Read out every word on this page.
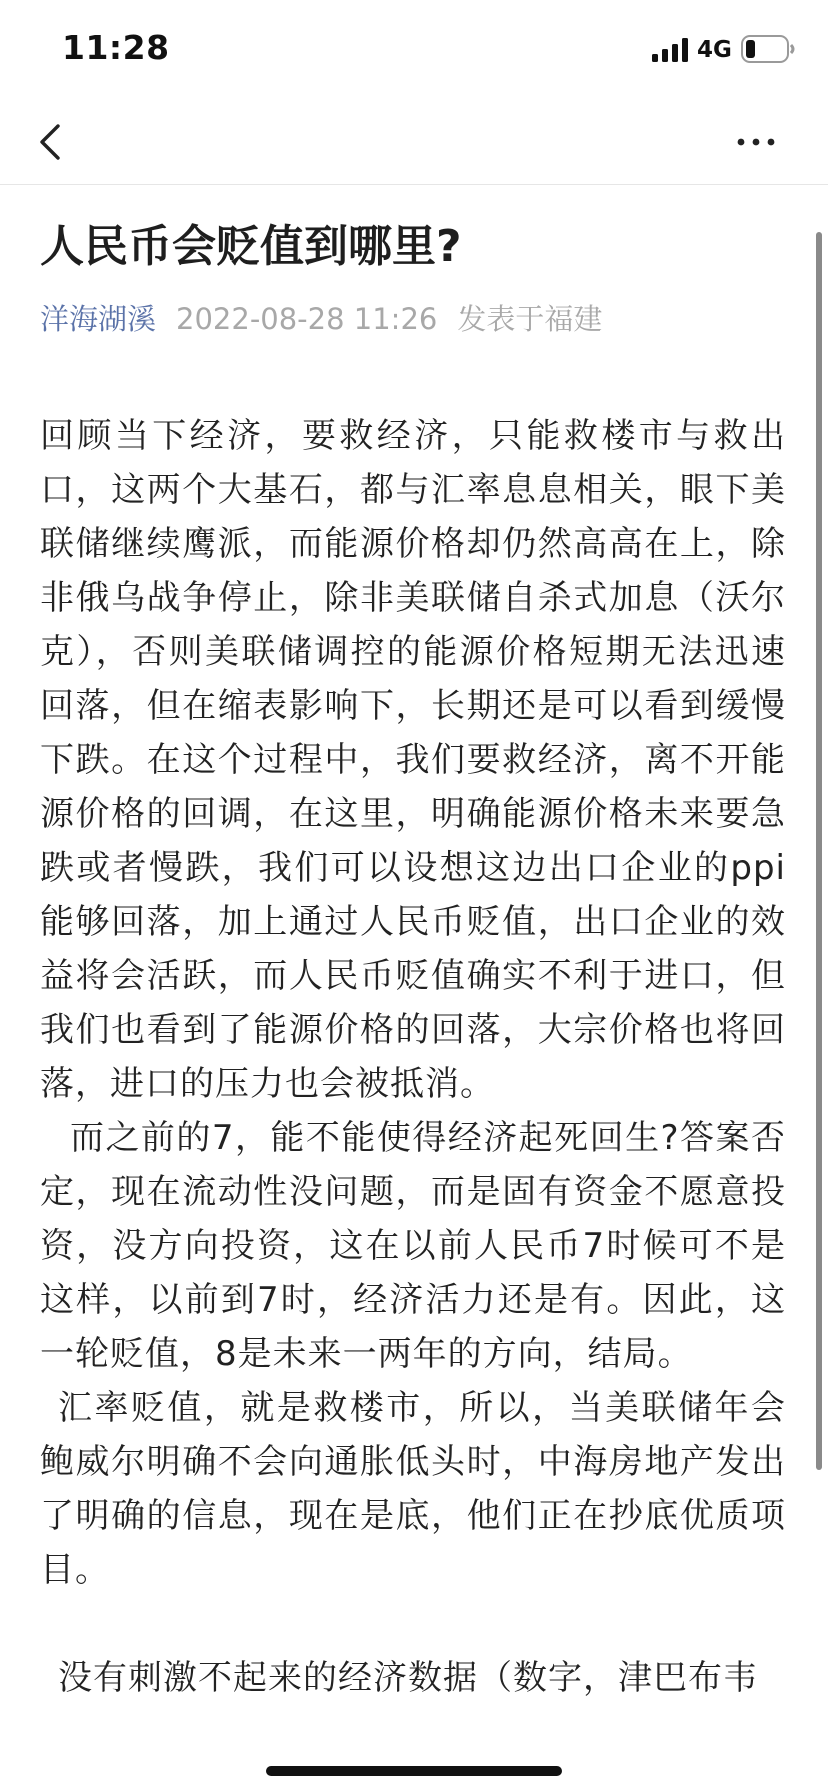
11:28	4G
人民币会贬值到哪里?
洋海湖溪 2022-08-28 11:26 发表于福建

回顾当下经济，要救经济，只能救楼市与救出口，这两个大基石，都与汇率息息相关，眼下美联储继续鹰派，而能源价格却仍然高高在上，除非俄乌战争停止，除非美联储自杀式加息（沃尔克），否则美联储调控的能源价格短期无法迅速回落，但在缩表影响下，长期还是可以看到缓慢下跌。在这个过程中，我们要救经济，离不开能源价格的回调，在这里，明确能源价格未来要急跌或者慢跌，我们可以设想这边出口企业的ppi能够回落，加上通过人民币贬值，出口企业的效益将会活跃，而人民币贬值确实不利于进口，但我们也看到了能源价格的回落，大宗价格也将回落，进口的压力也会被抵消。

而之前的7，能不能使得经济起死回生?答案否定，现在流动性没问题，而是固有资金不愿意投资，没方向投资，这在以前人民币7时候可不是这样，以前到7时，经济活力还是有。因此，这一轮贬值，8是未来一两年的方向，结局。

汇率贬值，就是救楼市，所以，当美联储年会鲍威尔明确不会向通胀低头时，中海房地产发出了明确的信息，现在是底，他们正在抄底优质项目。

没有刺激不起来的经济数据（数字，津巴布韦
